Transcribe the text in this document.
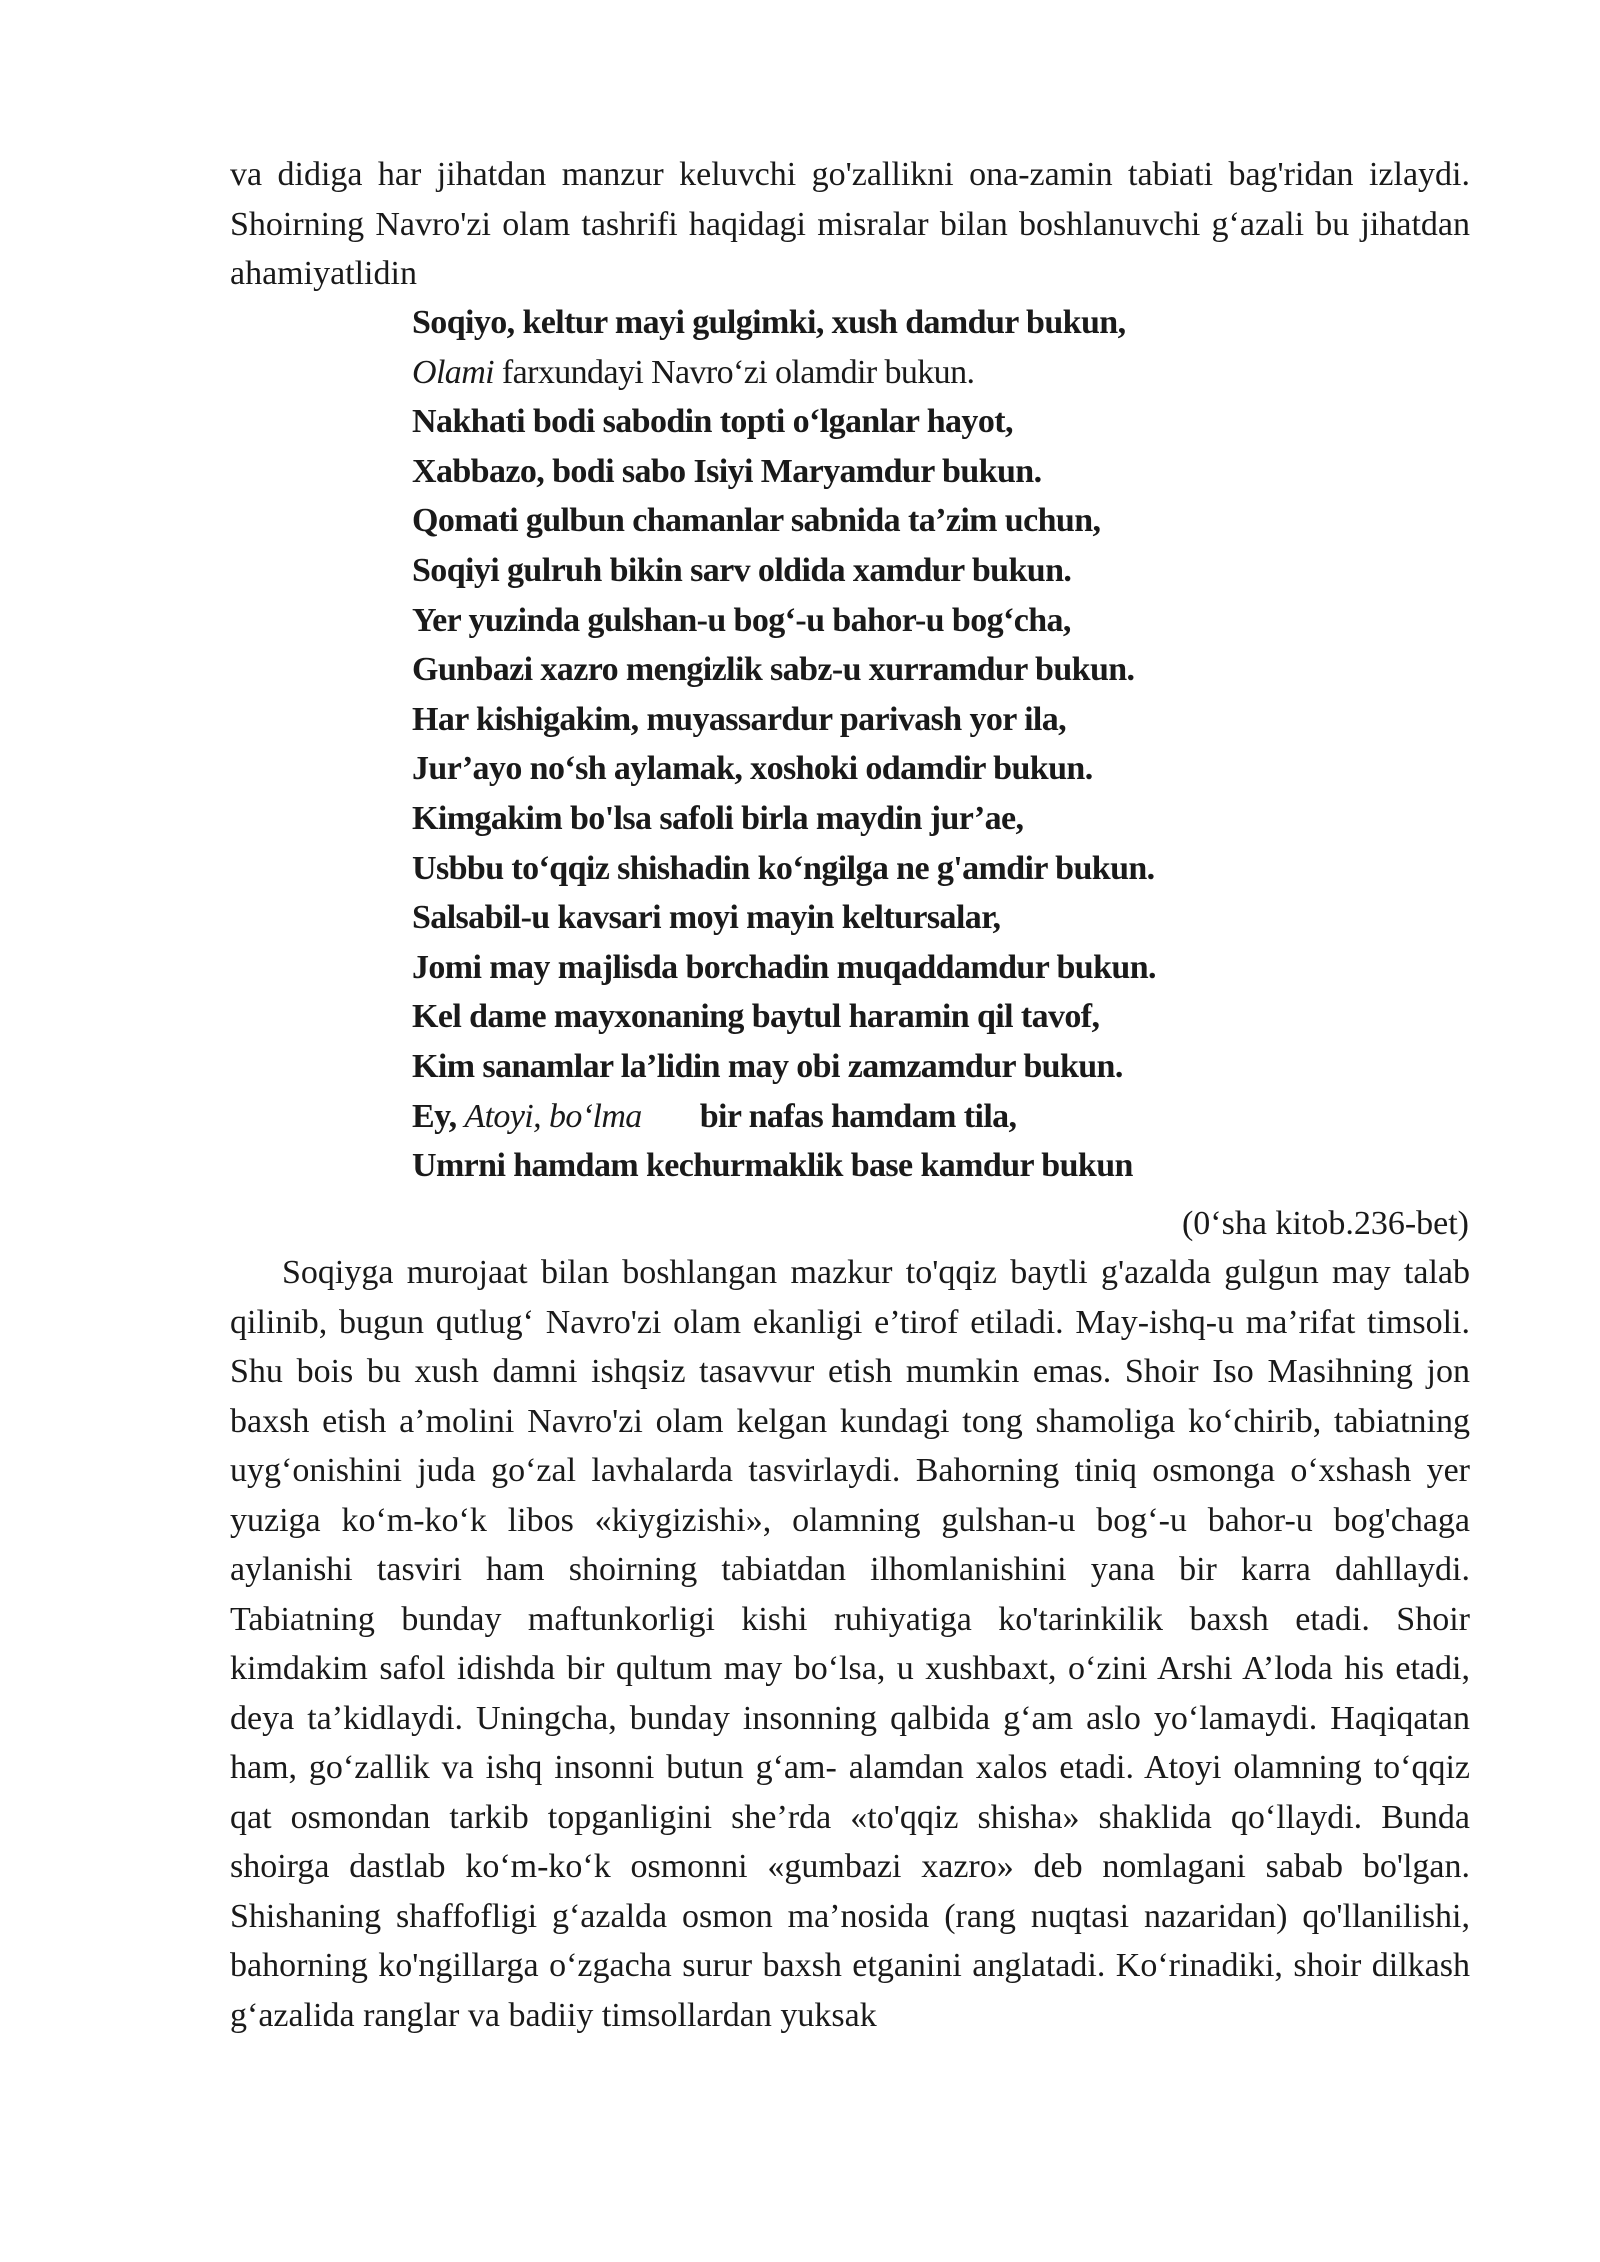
va didiga har jihatdan manzur keluvchi go'zallikni ona-zamin tabiati bag'ridan izlaydi. Shoirning Navro'zi olam tashrifi haqidagi misralar bilan boshlanuvchi g‘azali bu jihatdan ahamiyatlidin

Soqiyo, keltur mayi gulgimki, xush damdur bukun,
Olami farxundayi Navro‘zi olamdir bukun.
Nakhati bodi sabodin topti o‘lganlar hayot,
Xabbazo, bodi sabo Isiyi Maryamdur bukun.
Qomati gulbun chamanlar sabnida ta’zim uchun,
Soqiyi gulruh bikin sarv oldida xamdur bukun.
Yer yuzinda gulshan-u bog‘-u bahor-u bog‘cha,
Gunbazi xazro mengizlik sabz-u xurramdur bukun.
Har kishigakim, muyassardur parivash yor ila,
Jur’ayo no‘sh aylamak, xoshoki odamdir bukun.
Kimgakim bo'lsa safoli birla maydin jur’ae,
Usbbu to‘qqiz shishadin ko‘ngilga ne g'amdir bukun.
Salsabil-u kavsari moyi mayin keltursalar,
Jomi may majlisda borchadin muqaddamdur bukun.
Kel dame mayxonaning baytul haramin qil tavof,
Kim sanamlar la’lidin may obi zamzamdur bukun.
Ey, Atoyi, bo‘lma bir nafas hamdam tila,
Umrni hamdam kechurmaklik base kamdur bukun
(0‘sha kitob.236-bet)

Soqiyga murojaat bilan boshlangan mazkur to'qqiz baytli g'azalda gulgun may talab qilinib, bugun qutlug‘ Navro'zi olam ekanligi e’tirof etiladi. May-ishq-u ma’rifat timsoli. Shu bois bu xush damni ishqsiz tasavvur etish mumkin emas. Shoir Iso Masihning jon baxsh etish a’molini Navro'zi olam kelgan kundagi tong shamoliga ko‘chirib, tabiatning uyg‘onishini juda go‘zal lavhalarda tasvirlaydi. Bahorning tiniq osmonga o‘xshash yer yuziga ko‘m-ko‘k libos «kiygizishi», olamning gulshan-u bog‘-u bahor-u bog'chaga aylanishi tasviri ham shoirning tabiatdan ilhomlanishini yana bir karra dahllaydi. Tabiatning bunday maftunkorligi kishi ruhiyatiga ko'tarinkilik baxsh etadi. Shoir kimdakim safol idishda bir qultum may bo‘lsa, u xushbaxt, o‘zini Arshi A’loda his etadi, deya ta’kidlaydi. Uningcha, bunday insonning qalbida g‘am aslo yo‘lamaydi. Haqiqatan ham, go‘zallik va ishq insonni butun g‘am- alamdan xalos etadi. Atoyi olamning to‘qqiz qat osmondan tarkib topganligini she’rda «to'qqiz shisha» shaklida qo‘llaydi. Bunda shoirga dastlab ko‘m-ko‘k osmonni «gumbazi xazro» deb nomlagani sabab bo'lgan. Shishaning shaffofligi g‘azalda osmon ma’nosida (rang nuqtasi nazaridan) qo'llanilishi, bahorning ko'ngillarga o‘zgacha surur baxsh etganini anglatadi. Ko‘rinadiki, shoir dilkash g‘azalida ranglar va badiiy timsollardan yuksak
